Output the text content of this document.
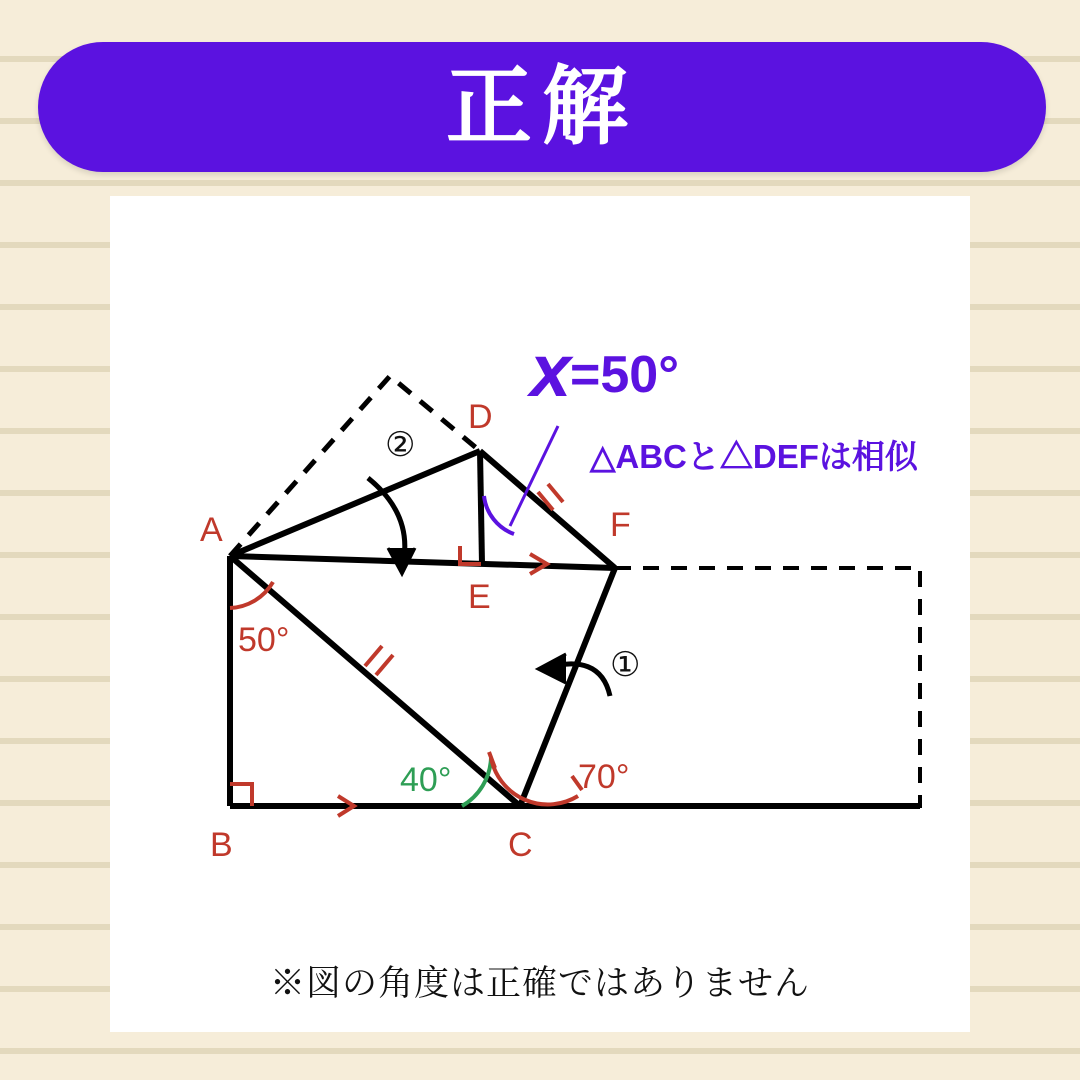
正解
A
B	C
D
E
F
50°
40°	70°
②
①
x
=50°
△ABCと△DEFは相似
※図の角度は正確ではありません
